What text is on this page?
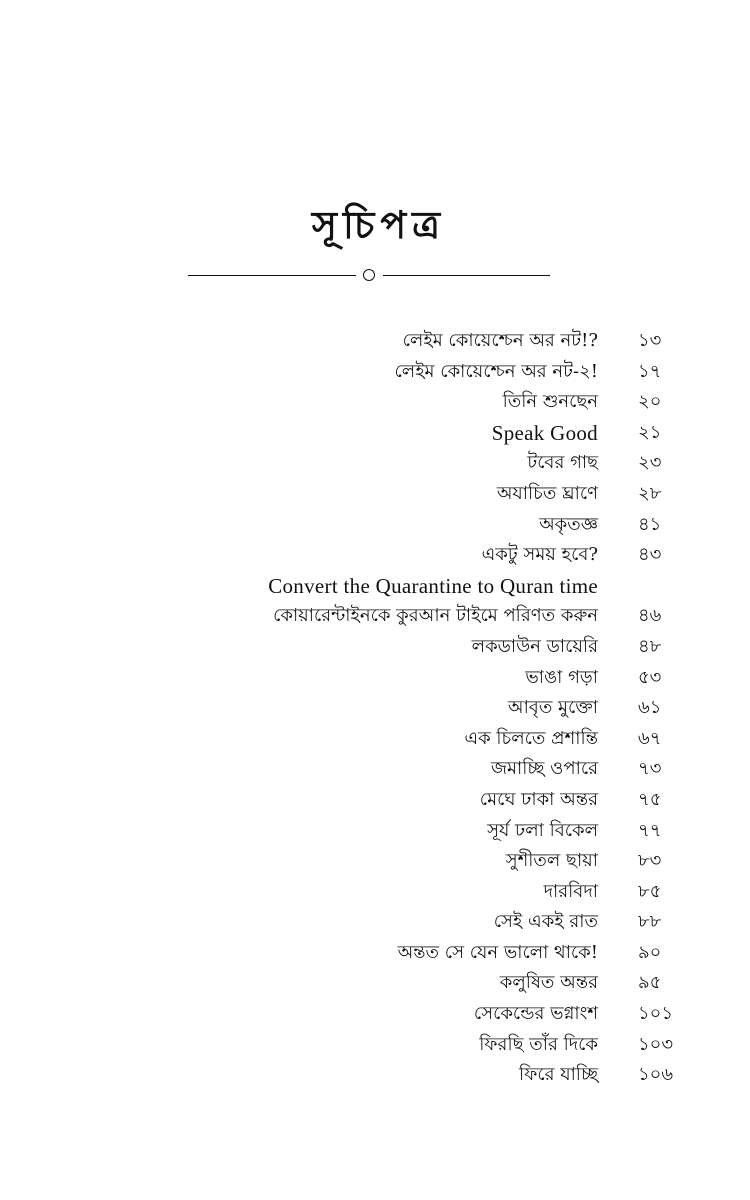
সূচিপত্র
লেইম কোয়েশ্চেন অর নট!? ১৩
লেইম কোয়েশ্চেন অর নট-২! ১৭
তিনি শুনছেন ২০
Speak Good ২১
টবের গাছ ২৩
অযাচিত ঘ্রাণে ২৮
অকৃতজ্ঞ ৪১
একটু সময় হবে? ৪৩
Convert the Quarantine to Quran time
কোয়ারেন্টাইনকে কুরআন টাইমে পরিণত করুন ৪৬
লকডাউন ডায়েরি ৪৮
ভাঙা গড়া ৫৩
আবৃত মুক্তো ৬১
এক চিলতে প্রশান্তি ৬৭
জমাচ্ছি ওপারে ৭৩
মেঘে ঢাকা অন্তর ৭৫
সূর্য ঢলা বিকেল ৭৭
সুশীতল ছায়া ৮৩
দারবিদা ৮৫
সেই একই রাত ৮৮
অন্তত সে যেন ভালো থাকে! ৯০
কলুষিত অন্তর ৯৫
সেকেন্ডের ভগ্নাংশ ১০১
ফিরছি তাঁর দিকে ১০৩
ফিরে যাচ্ছি ১০৬
